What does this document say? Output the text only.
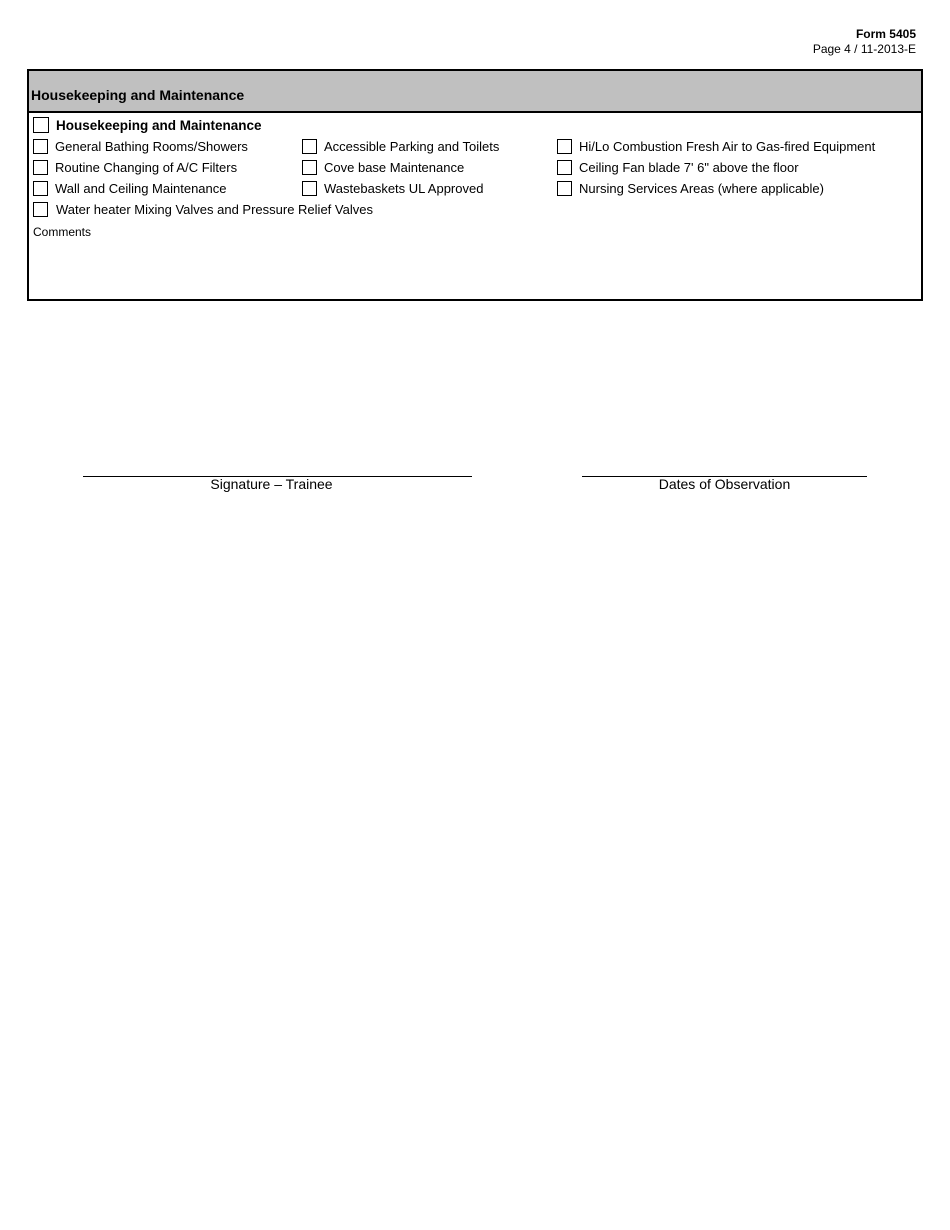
Form 5405
Page 4 / 11-2013-E
Housekeeping and Maintenance
Housekeeping and Maintenance
General Bathing Rooms/Showers
Routine Changing of A/C Filters
Wall and Ceiling Maintenance
Water heater Mixing Valves and Pressure Relief Valves
Accessible Parking and Toilets
Cove base Maintenance
Wastebaskets UL Approved
Hi/Lo Combustion Fresh Air to Gas-fired Equipment
Ceiling Fan blade 7' 6" above the floor
Nursing Services Areas (where applicable)
Comments
Signature – Trainee	Dates of Observation
